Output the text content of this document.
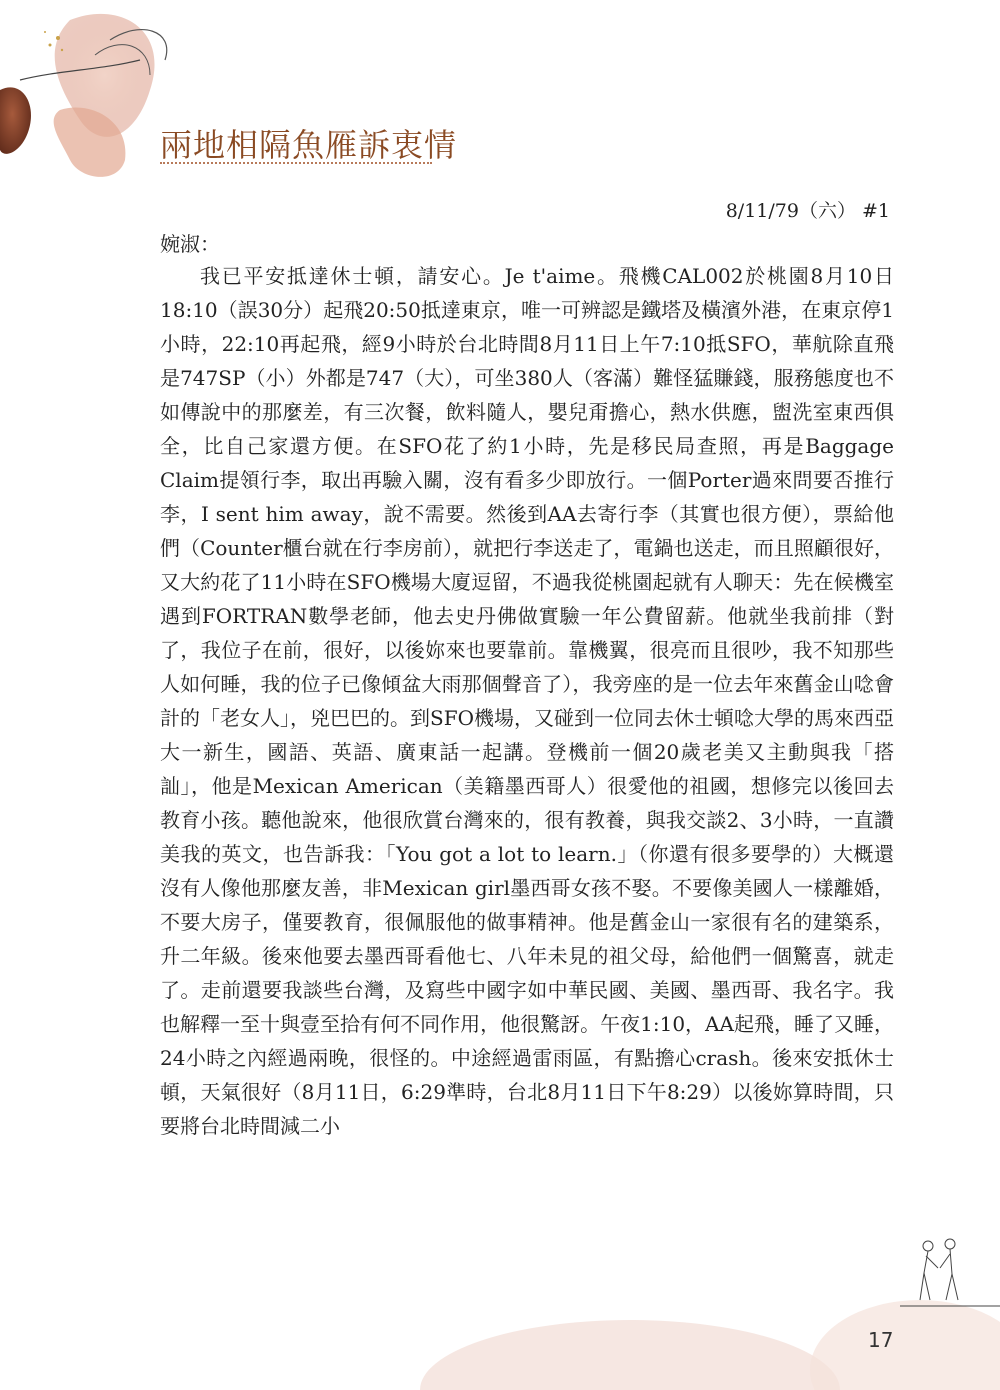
兩地相隔魚雁訴衷情
8/11/79（六） #1
婉淑：

我已平安抵達休士頓，請安心。Je t'aime。飛機CAL002於桃園8月10日18:10（誤30分）起飛20:50抵達東京，唯一可辨認是鐵塔及橫濱外港，在東京停1小時，22:10再起飛，經9小時於台北時間8月11日上午7:10抵SFO，華航除直飛是747SP（小）外都是747（大），可坐380人（客滿）難怪猛賺錢，服務態度也不如傳說中的那麼差，有三次餐，飲料隨人，嬰兒甭擔心，熱水供應，盥洗室東西俱全，比自己家還方便。在SFO花了約1小時，先是移民局查照，再是Baggage Claim提領行李，取出再驗入關，沒有看多少即放行。一個Porter過來問要否推行李，I sent him away，說不需要。然後到AA去寄行李（其實也很方便），票給他們（Counter櫃台就在行李房前），就把行李送走了，電鍋也送走，而且照顧很好，又大約花了11小時在SFO機場大廈逗留，不過我從桃園起就有人聊天：先在候機室遇到FORTRAN數學老師，他去史丹佛做實驗一年公費留薪。他就坐我前排（對了，我位子在前，很好，以後妳來也要靠前。靠機翼，很亮而且很吵，我不知那些人如何睡，我的位子已像傾盆大雨那個聲音了），我旁座的是一位去年來舊金山唸會計的「老女人」，兇巴巴的。到SFO機場，又碰到一位同去休士頓唸大學的馬來西亞大一新生，國語、英語、廣東話一起講。登機前一個20歲老美又主動與我「搭訕」，他是Mexican American（美籍墨西哥人）很愛他的祖國，想修完以後回去教育小孩。聽他說來，他很欣賞台灣來的，很有教養，與我交談2、3小時，一直讚美我的英文，也告訴我：「You got a lot to learn.」（你還有很多要學的）大概還沒有人像他那麼友善，非Mexican girl墨西哥女孩不娶。不要像美國人一樣離婚，不要大房子，僅要教育，很佩服他的做事精神。他是舊金山一家很有名的建築系，升二年級。後來他要去墨西哥看他七、八年未見的祖父母，給他們一個驚喜，就走了。走前還要我談些台灣，及寫些中國字如中華民國、美國、墨西哥、我名字。我也解釋一至十與壹至拾有何不同作用，他很驚訝。午夜1:10，AA起飛，睡了又睡，24小時之內經過兩晚，很怪的。中途經過雷雨區，有點擔心crash。後來安抵休士頓，天氣很好（8月11日，6:29準時，台北8月11日下午8:29）以後妳算時間，只要將台北時間減二小

17
